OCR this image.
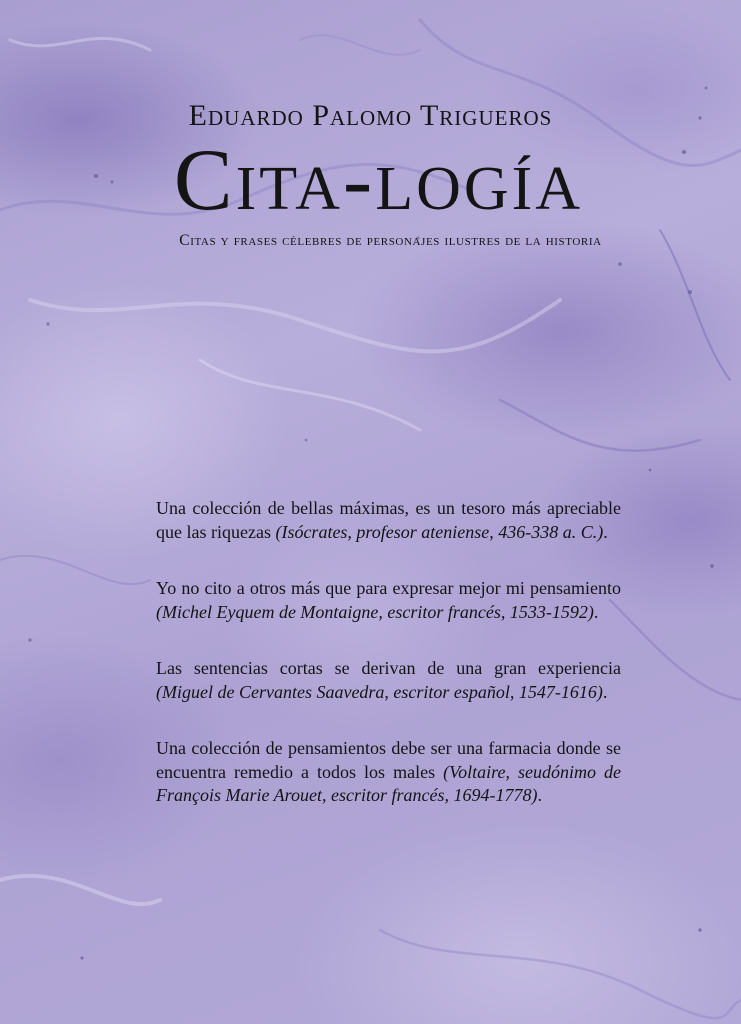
Eduardo Palomo Trigueros
Cita-logía
Citas y frases célebres de personajes ilustres de la historia

Una colección de bellas máximas, es un tesoro más apreciable que las riquezas (Isócrates, profesor ateniense, 436-338 a. C.).

Yo no cito a otros más que para expresar mejor mi pensamiento (Michel Eyquem de Montaigne, escritor francés, 1533-1592).

Las sentencias cortas se derivan de una gran experiencia (Miguel de Cervantes Saavedra, escritor español, 1547-1616).

Una colección de pensamientos debe ser una farmacia donde se encuentra remedio a todos los males (Voltaire, seudónimo de François Marie Arouet, escritor francés, 1694-1778).
